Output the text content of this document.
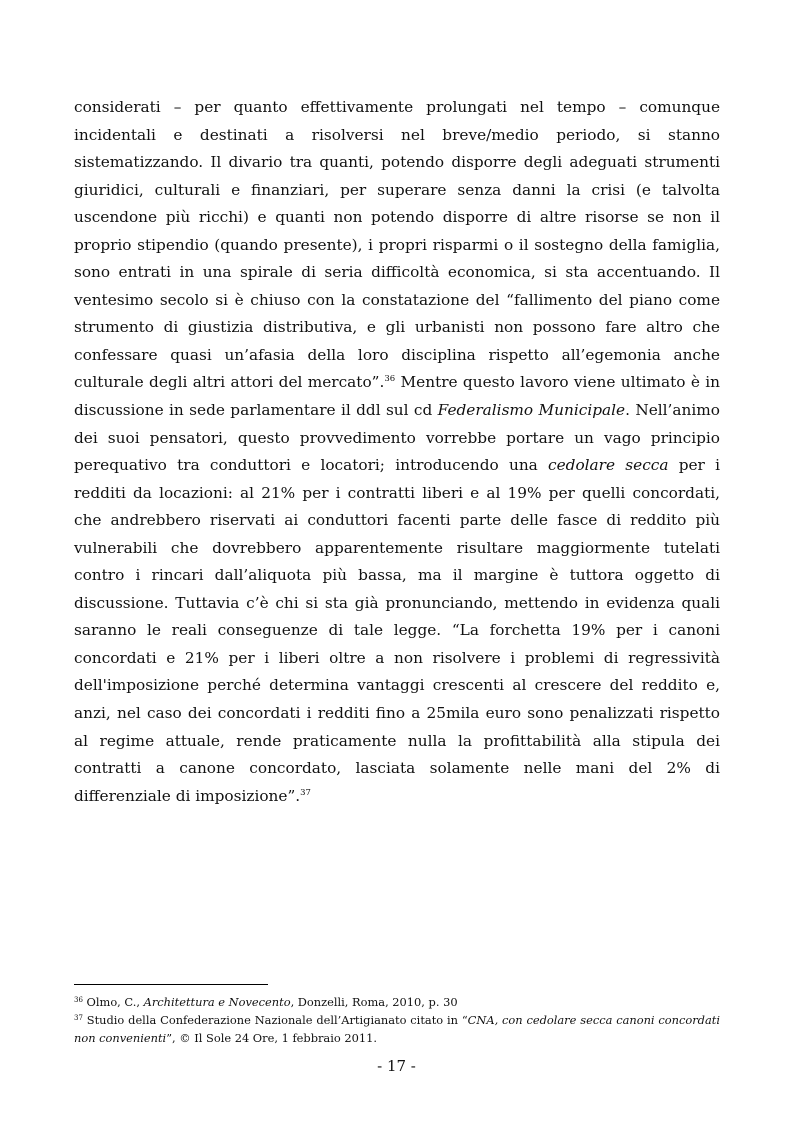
considerati – per quanto effettivamente prolungati nel tempo – comunque incidentali e destinati a risolversi nel breve/medio periodo, si stanno sistematizzando. Il divario tra quanti, potendo disporre degli adeguati strumenti giuridici, culturali e finanziari, per superare senza danni la crisi (e talvolta uscendone più ricchi) e quanti non potendo disporre di altre risorse se non il proprio stipendio (quando presente), i propri risparmi o il sostegno della famiglia, sono entrati in una spirale di seria difficoltà economica, si sta accentuando. Il ventesimo secolo si è chiuso con la constatazione del “fallimento del piano come strumento di giustizia distributiva, e gli urbanisti non possono fare altro che confessare quasi un’afasia della loro disciplina rispetto all’egemonia anche culturale degli altri attori del mercato”.$^{36}$ Mentre questo lavoro viene ultimato è in discussione in sede parlamentare il ddl sul cd Federalismo Municipale. Nell’animo dei suoi pensatori, questo provvedimento vorrebbe portare un vago principio perequativo tra conduttori e locatori; introducendo una cedolare secca per i redditi da locazioni: al 21% per i contratti liberi e al 19% per quelli concordati, che andrebbero riservati ai conduttori facenti parte delle fasce di reddito più vulnerabili che dovrebbero apparentemente risultare maggiormente tutelati contro i rincari dall’aliquota più bassa, ma il margine è tuttora oggetto di discussione. Tuttavia c’è chi si sta già pronunciando, mettendo in evidenza quali saranno le reali conseguenze di tale legge. “La forchetta 19% per i canoni concordati e 21% per i liberi oltre a non risolvere i problemi di regressività dell'imposizione perché determina vantaggi crescenti al crescere del reddito e, anzi, nel caso dei concordati i redditi fino a 25mila euro sono penalizzati rispetto al regime attuale, rende praticamente nulla la profittabilità alla stipula dei contratti a canone concordato, lasciata solamente nelle mani del 2% di differenziale di imposizione”.$^{37}$

$^{36}$ Olmo, C., Architettura e Novecento, Donzelli, Roma, 2010, p. 30

$^{37}$ Studio della Confederazione Nazionale dell’Artigianato citato in “CNA, con cedolare secca canoni concordati non convenienti”, © Il Sole 24 Ore, 1 febbraio 2011.

- 17 -
